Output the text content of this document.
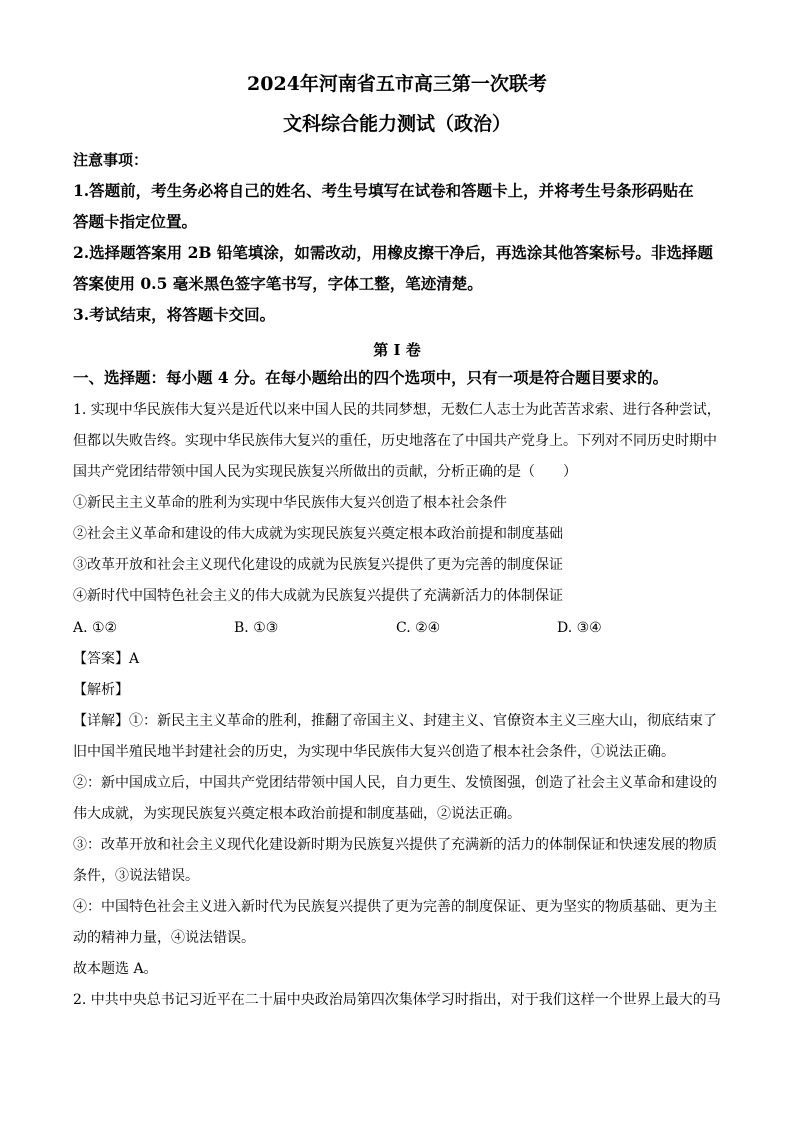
2024年河南省五市高三第一次联考
文科综合能力测试（政治）
注意事项：
1.答题前，考生务必将自己的姓名、考生号填写在试卷和答题卡上，并将考生号条形码贴在
答题卡指定位置。
2.选择题答案用 2B 铅笔填涂，如需改动，用橡皮擦干净后，再选涂其他答案标号。非选择题
答案使用 0.5 毫米黑色签字笔书写，字体工整，笔迹清楚。
3.考试结束，将答题卡交回。
第 I 卷
一、选择题：每小题 4 分。在每小题给出的四个选项中，只有一项是符合题目要求的。
1. 实现中华民族伟大复兴是近代以来中国人民的共同梦想，无数仁人志士为此苦苦求索、进行各种尝试，
但都以失败告终。实现中华民族伟大复兴的重任，历史地落在了中国共产党身上。下列对不同历史时期中
国共产党团结带领中国人民为实现民族复兴所做出的贡献，分析正确的是（　　）
①新民主主义革命的胜利为实现中华民族伟大复兴创造了根本社会条件
②社会主义革命和建设的伟大成就为实现民族复兴奠定根本政治前提和制度基础
③改革开放和社会主义现代化建设的成就为民族复兴提供了更为完善的制度保证
④新时代中国特色社会主义的伟大成就为民族复兴提供了充满新活力的体制保证
A. ①②	B. ①③	C. ②④	D. ③④
【答案】A
【解析】
【详解】①：新民主主义革命的胜利，推翻了帝国主义、封建主义、官僚资本主义三座大山，彻底结束了
旧中国半殖民地半封建社会的历史，为实现中华民族伟大复兴创造了根本社会条件，①说法正确。
②：新中国成立后，中国共产党团结带领中国人民，自力更生、发愤图强，创造了社会主义革命和建设的
伟大成就，为实现民族复兴奠定根本政治前提和制度基础，②说法正确。
③：改革开放和社会主义现代化建设新时期为民族复兴提供了充满新的活力的体制保证和快速发展的物质
条件，③说法错误。
④：中国特色社会主义进入新时代为民族复兴提供了更为完善的制度保证、更为坚实的物质基础、更为主
动的精神力量，④说法错误。
故本题选 A。
2. 中共中央总书记习近平在二十届中央政治局第四次集体学习时指出，对于我们这样一个世界上最大的马
